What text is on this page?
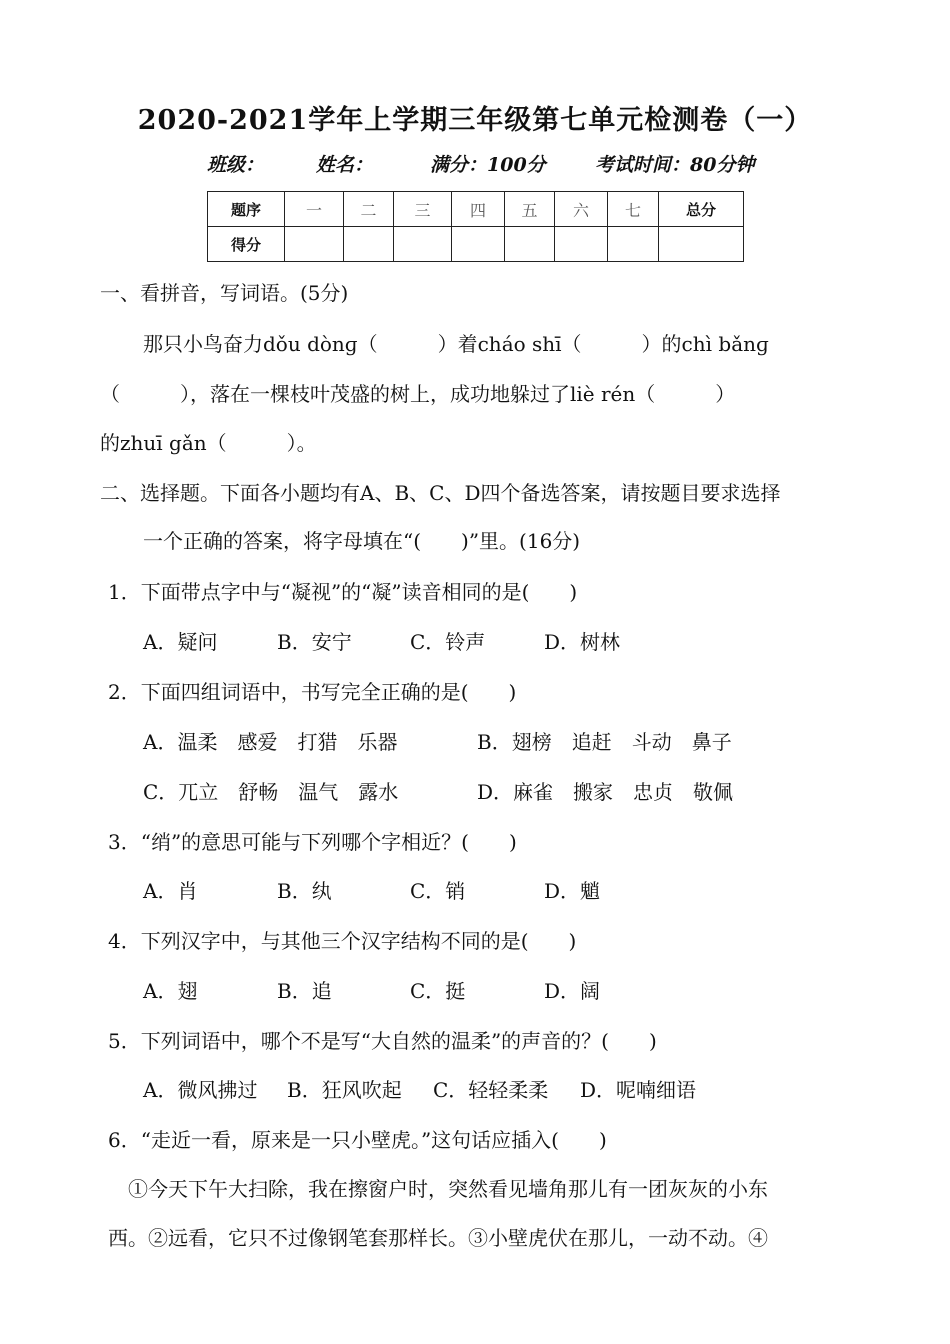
2020-2021学年上学期三年级第七单元检测卷（一）
班级：	姓名：	满分：100分	考试时间：80分钟
题序	一	二	三	四	五	六	七	总分
得分								
一、看拼音，写词语。(5分)
那只小鸟奋力dǒu dònɡ（　　　）着cháo shī（　　　）的chì bǎnɡ
（　　　），落在一棵枝叶茂盛的树上，成功地躲过了liè rén（　　　）
的zhuī gǎn（　　　）。
二、选择题。下面各小题均有A、B、C、D四个备选答案，请按题目要求选择
一个正确的答案，将字母填在“(　　)”里。(16分)
1．下面带点字中与“凝视”的“凝”读音相同的是(　　)
A．疑问	B．安宁	C．铃声	D．树林
2．下面四组词语中，书写完全正确的是(　　)
A．温柔　感爱　打猎　乐器	B．翅榜　追赶　斗动　鼻子
C．兀立　舒畅　温气　露水	D．麻雀　搬家　忠贞　敬佩
3．“绡”的意思可能与下列哪个字相近？(　　)
A．肖	B．纨	C．销	D．魈
4．下列汉字中，与其他三个汉字结构不同的是(　　)
A．翅	B．追	C．挺	D．阔
5．下列词语中，哪个不是写“大自然的温柔”的声音的？(　　)
A．微风拂过 B．狂风吹起 C．轻轻柔柔 D．呢喃细语
6．“走近一看，原来是一只小壁虎。”这句话应插入(　　)
①今天下午大扫除，我在擦窗户时，突然看见墙角那儿有一团灰灰的小东
西。②远看，它只不过像钢笔套那样长。③小壁虎伏在那儿，一动不动。④
